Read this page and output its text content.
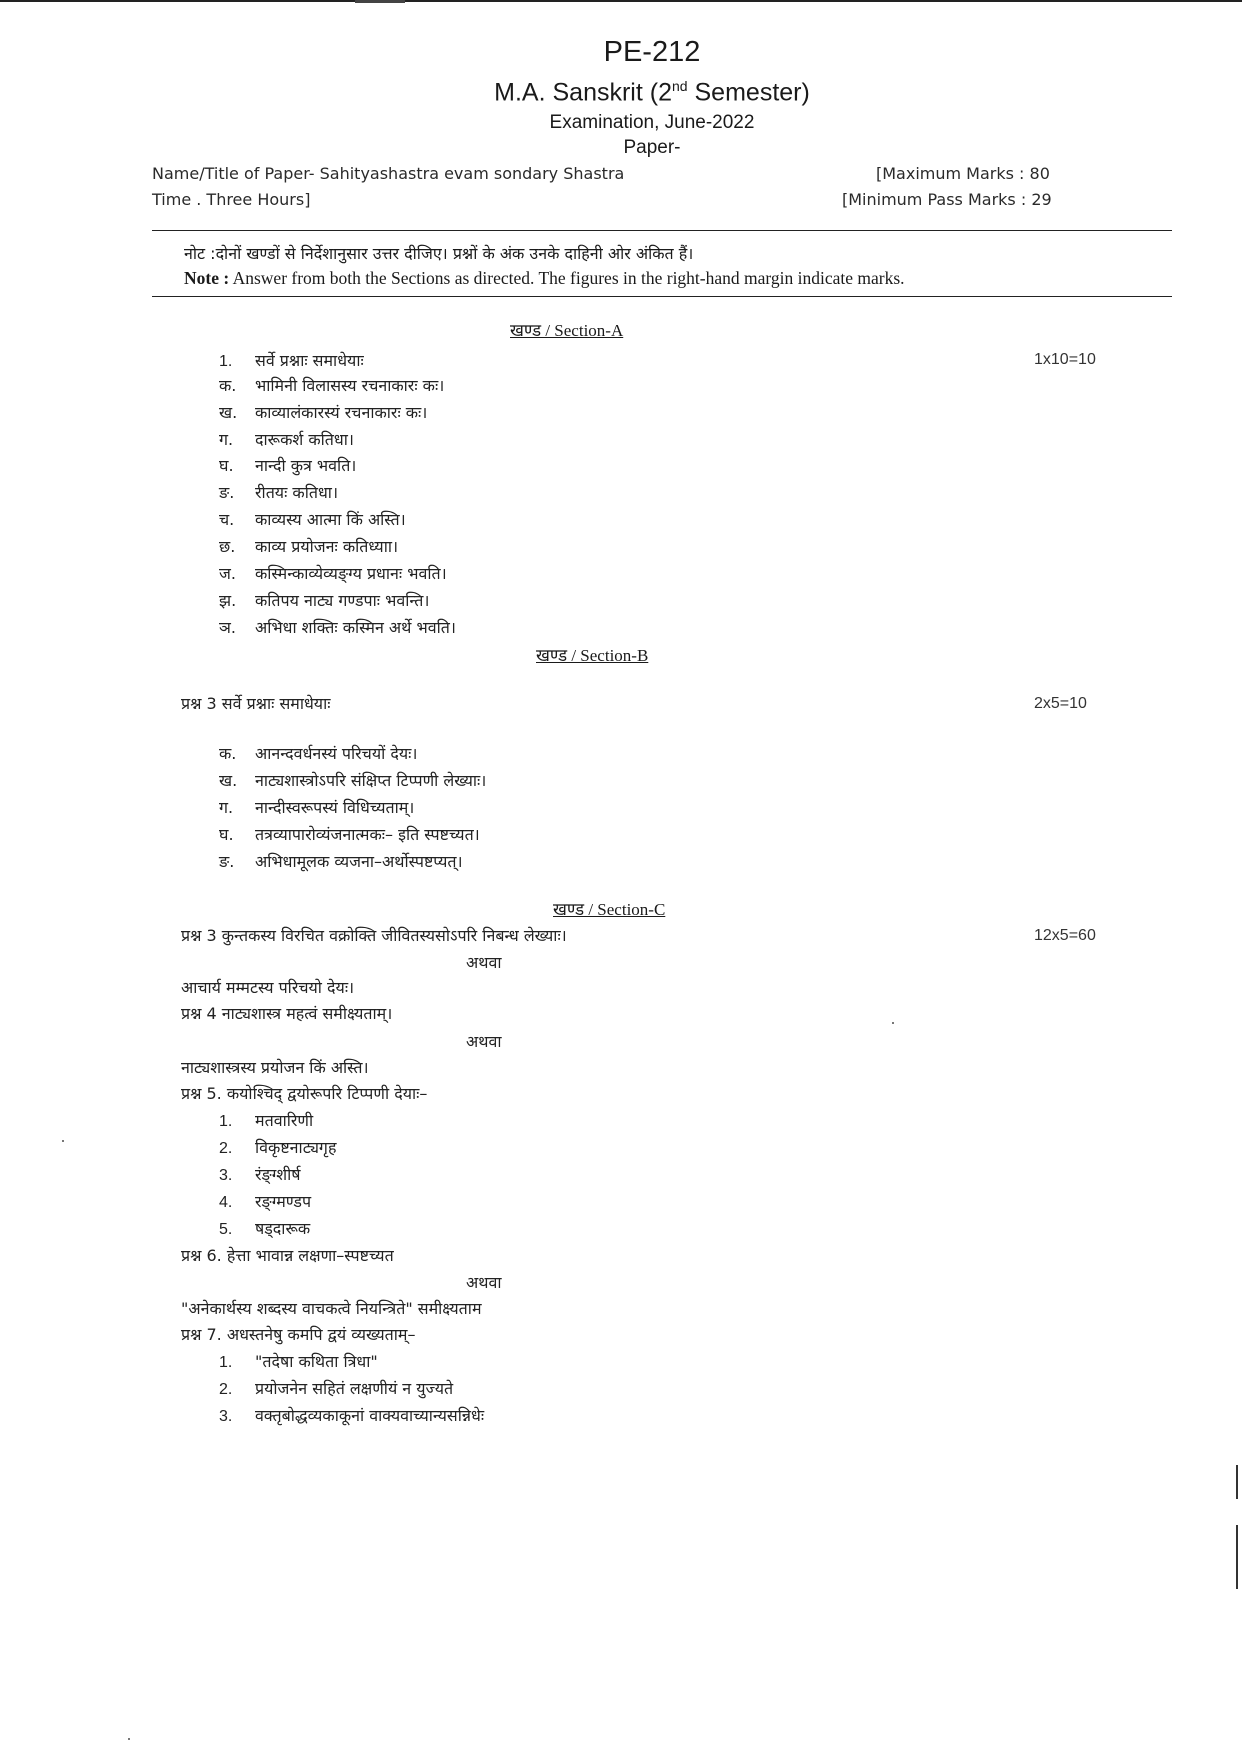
PE-212
M.A. Sanskrit (2nd Semester)
Examination, June-2022
Paper-
Name/Title of Paper- Sahityashastra evam sondary Shastra	[Maximum Marks : 80
Time . Three Hours]	[Minimum Pass Marks : 29
नोट :दोनों खण्डों से निर्देशानुसार उत्तर दीजिए। प्रश्नों के अंक उनके दाहिनी ओर अंकित हैं।
Note : Answer from both the Sections as directed. The figures in the right-hand margin indicate marks.
खण्ड / Section-A
1. सर्वे प्रश्नाः समाधेयाः	1x10=10
क. भामिनी विलासस्य रचनाकारः कः।
ख. काव्यालंकारस्यं रचनाकारः कः।
ग. दारूकर्श कतिधा।
घ. नान्दी कुत्र भवति।
ङ. रीतयः कतिधा।
च. काव्यस्य आत्मा किं अस्ति।
छ. काव्य प्रयोजनः कतिध्याा।
ज. कस्मिन्काव्येव्यङ्ग्य प्रधानः भवति।
झ. कतिपय नाट्य गण्डपाः भवन्ति।
ञ. अभिधा शक्तिः कस्मिन अर्थे भवति।
खण्ड / Section-B
प्रश्न 3 सर्वे प्रश्नाः समाधेयाः	2x5=10
क. आनन्दवर्धनस्यं परिचयों देयः।
ख. नाट्यशास्त्रोऽपरि संक्षिप्त टिप्पणी लेख्याः।
ग. नान्दीस्वरूपस्यं विधिच्यताम्।
घ. तत्रव्यापारोव्यंजनात्मकः– इति स्पष्टच्यत।
ङ. अभिधामूलक व्यजना–अर्थोस्पष्टप्यत्।
खण्ड / Section-C
प्रश्न 3 कुन्तकस्य विरचित वक्रोक्ति जीवितस्यसोऽपरि निबन्ध लेख्याः।	12x5=60
अथवा
आचार्य मम्मटस्य परिचयो देयः।
प्रश्न 4 नाट्यशास्त्र महत्वं समीक्ष्यताम्।
अथवा
नाट्यशास्त्रस्य प्रयोजन किं अस्ति।
प्रश्न 5. कयोश्चिद् द्वयोरूपरि टिप्पणी देयाः–
1. मतवारिणी
2. विकृष्टनाट्यगृह
3. रंङ्ग्शीर्ष
4. रङ्ग्मण्डप
5. षड्दारूक
प्रश्न 6. हेत्ता भावान्न लक्षणा–स्पष्टच्यत
अथवा
"अनेकार्थस्य शब्दस्य वाचकत्वे नियन्त्रिते" समीक्ष्यताम
प्रश्न 7. अधस्तनेषु कमपि द्वयं व्यख्यताम्–
1. "तदेषा कथिता त्रिधा"
2. प्रयोजनेन सहितं लक्षणीयं न युज्यते
3. वक्तृबोद्धव्यकाकूनां वाक्यवाच्यान्यसन्निधेः
